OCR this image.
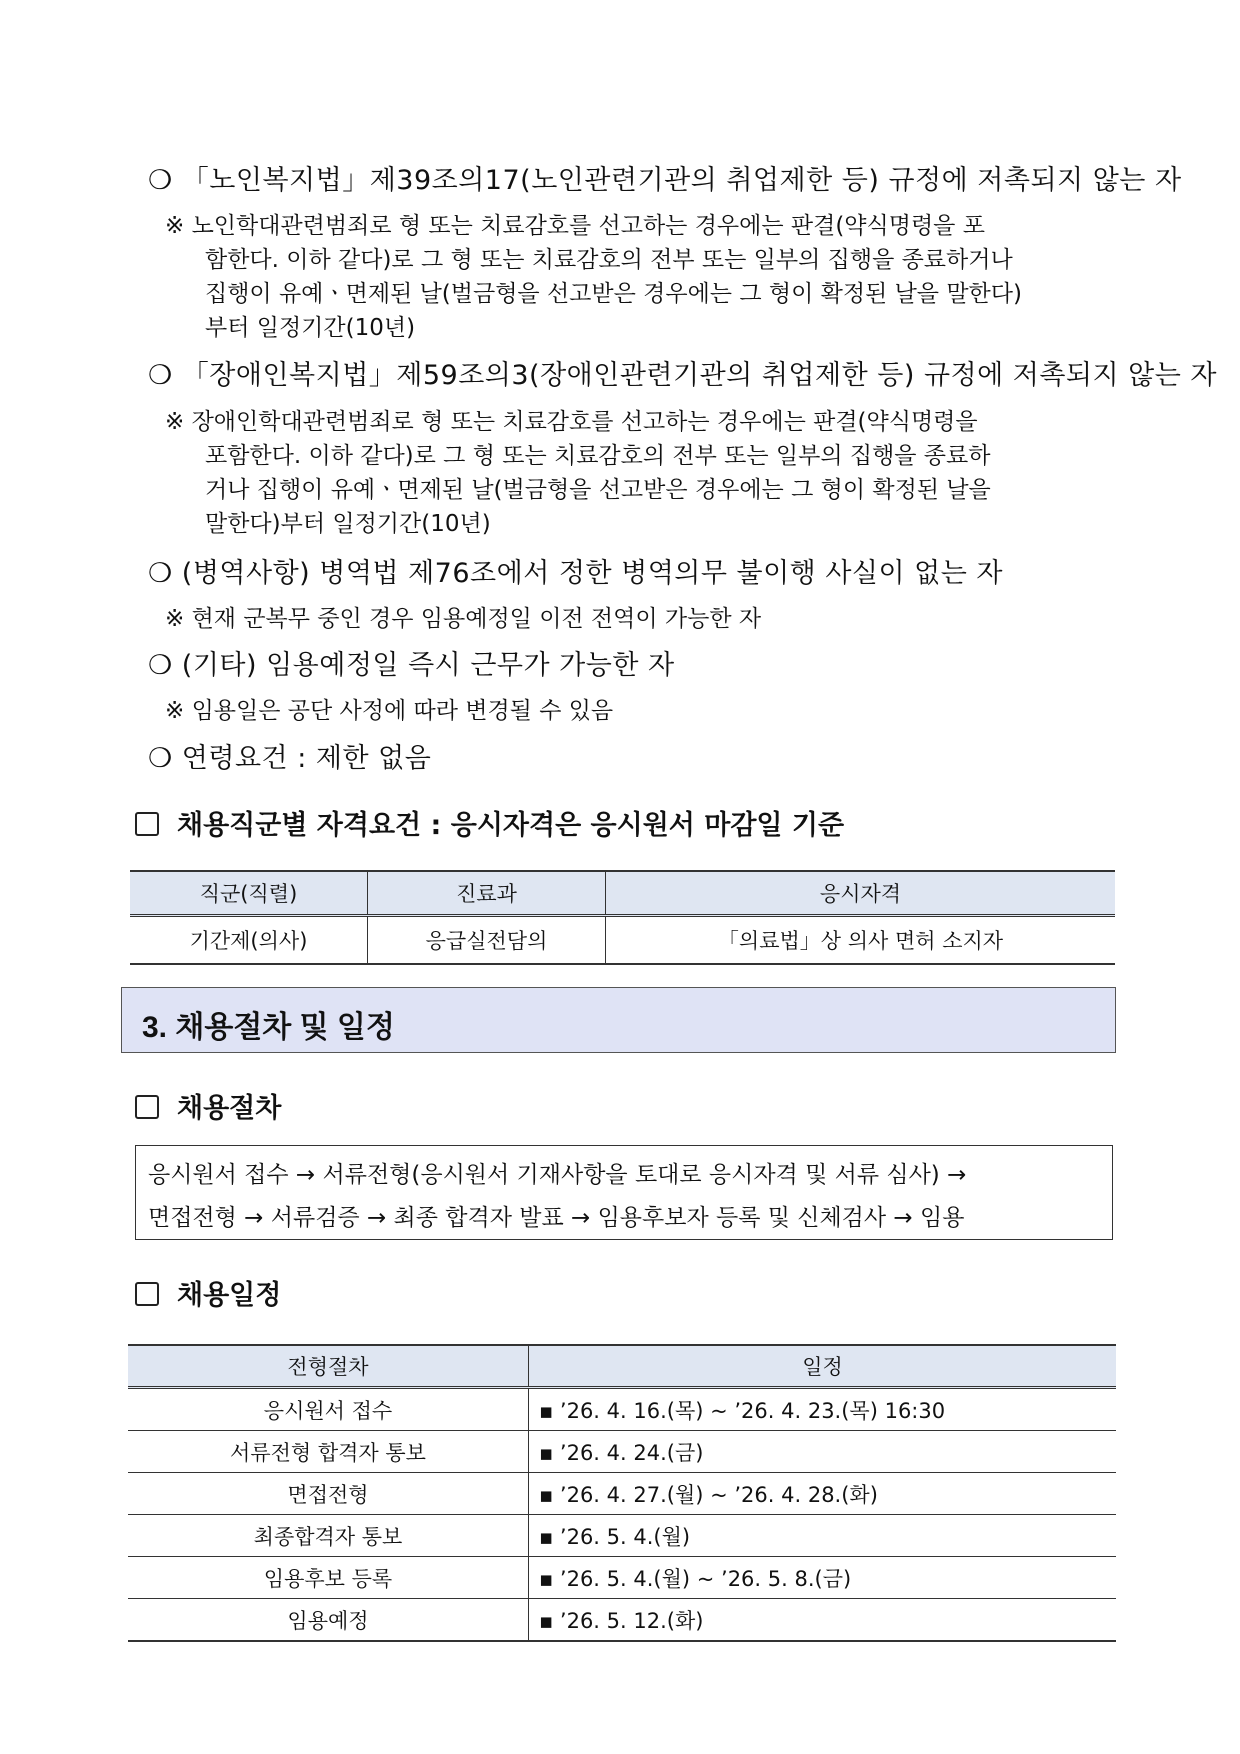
❍ 「노인복지법」제39조의17(노인관련기관의 취업제한 등) 규정에 저촉되지 않는 자
※ 노인학대관련범죄로 형 또는 치료감호를 선고하는 경우에는 판결(약식명령을 포
함한다. 이하 같다)로 그 형 또는 치료감호의 전부 또는 일부의 집행을 종료하거나
집행이 유예ㆍ면제된 날(벌금형을 선고받은 경우에는 그 형이 확정된 날을 말한다)
부터 일정기간(10년)
❍ 「장애인복지법」제59조의3(장애인관련기관의 취업제한 등) 규정에 저촉되지 않는 자
※ 장애인학대관련범죄로 형 또는 치료감호를 선고하는 경우에는 판결(약식명령을
포함한다. 이하 같다)로 그 형 또는 치료감호의 전부 또는 일부의 집행을 종료하
거나 집행이 유예ㆍ면제된 날(벌금형을 선고받은 경우에는 그 형이 확정된 날을
말한다)부터 일정기간(10년)
❍ (병역사항) 병역법 제76조에서 정한 병역의무 불이행 사실이 없는 자
※ 현재 군복무 중인 경우 임용예정일 이전 전역이 가능한 자
❍ (기타) 임용예정일 즉시 근무가 가능한 자
※ 임용일은 공단 사정에 따라 변경될 수 있음
❍ 연령요건 : 제한 없음
채용직군별 자격요건 : 응시자격은 응시원서 마감일 기준
직군(직렬)	진료과	응시자격
기간제(의사)	응급실전담의	「의료법」상 의사 면허 소지자
3. 채용절차 및 일정
채용절차
응시원서 접수 → 서류전형(응시원서 기재사항을 토대로 응시자격 및 서류 심사) →
면접전형 → 서류검증 → 최종 합격자 발표 → 임용후보자 등록 및 신체검사 → 임용
채용일정
전형절차	일정
응시원서 접수	▪ ’26. 4. 16.(목) ~ ’26. 4. 23.(목) 16:30
서류전형 합격자 통보	▪ ’26. 4. 24.(금)
면접전형	▪ ’26. 4. 27.(월) ~ ’26. 4. 28.(화)
최종합격자 통보	▪ ’26. 5. 4.(월)
임용후보 등록	▪ ’26. 5. 4.(월) ~ ’26. 5. 8.(금)
임용예정	▪ ’26. 5. 12.(화)
